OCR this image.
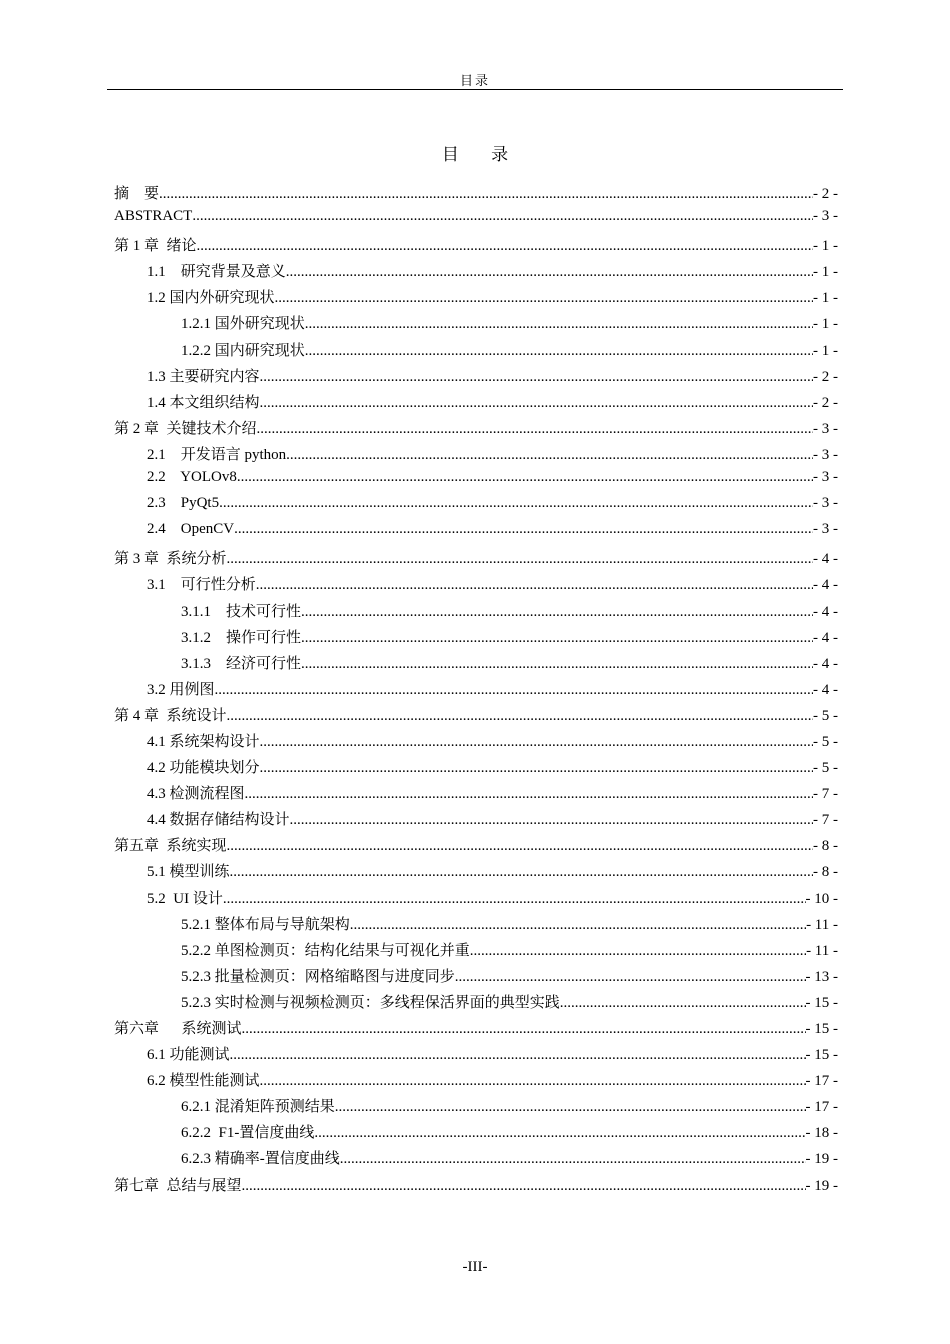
目录
目 录
摘　要 .....	- 2 -
ABSTRACT .....	- 3 -
第 1 章  绪论 .....	- 1 -
1.1    研究背景及意义 .....	- 1 -
1.2 国内外研究现状 .....	- 1 -
1.2.1 国外研究现状 .....	- 1 -
1.2.2 国内研究现状 .....	- 1 -
1.3 主要研究内容 .....	- 2 -
1.4 本文组织结构 .....	- 2 -
第 2 章  关键技术介绍 .....	- 3 -
2.1    开发语言 python .....	- 3 -
2.2    YOLOv8 .....	- 3 -
2.3    PyQt5 .....	- 3 -
2.4    OpenCV .....	- 3 -
第 3 章  系统分析 .....	- 4 -
3.1    可行性分析 .....	- 4 -
3.1.1    技术可行性 .....	- 4 -
3.1.2    操作可行性 .....	- 4 -
3.1.3    经济可行性 .....	- 4 -
3.2 用例图 .....	- 4 -
第 4 章  系统设计 .....	- 5 -
4.1 系统架构设计 .....	- 5 -
4.2 功能模块划分 .....	- 5 -
4.3 检测流程图 .....	- 7 -
4.4 数据存储结构设计 .....	- 7 -
第五章  系统实现 .....	- 8 -
5.1 模型训练 .....	- 8 -
5.2  UI 设计 .....	- 10 -
5.2.1 整体布局与导航架构 .....	- 11 -
5.2.2 单图检测页：结构化结果与可视化并重 .....	- 11 -
5.2.3 批量检测页：网格缩略图与进度同步 .....	- 13 -
5.2.3 实时检测与视频检测页：多线程保活界面的典型实践 .....	- 15 -
第六章      系统测试 .....	- 15 -
6.1 功能测试 .....	- 15 -
6.2 模型性能测试 .....	- 17 -
6.2.1 混淆矩阵预测结果 .....	- 17 -
6.2.2  F1-置信度曲线 .....	- 18 -
6.2.3 精确率-置信度曲线 .....	- 19 -
第七章  总结与展望 .....	- 19 -
-III-
